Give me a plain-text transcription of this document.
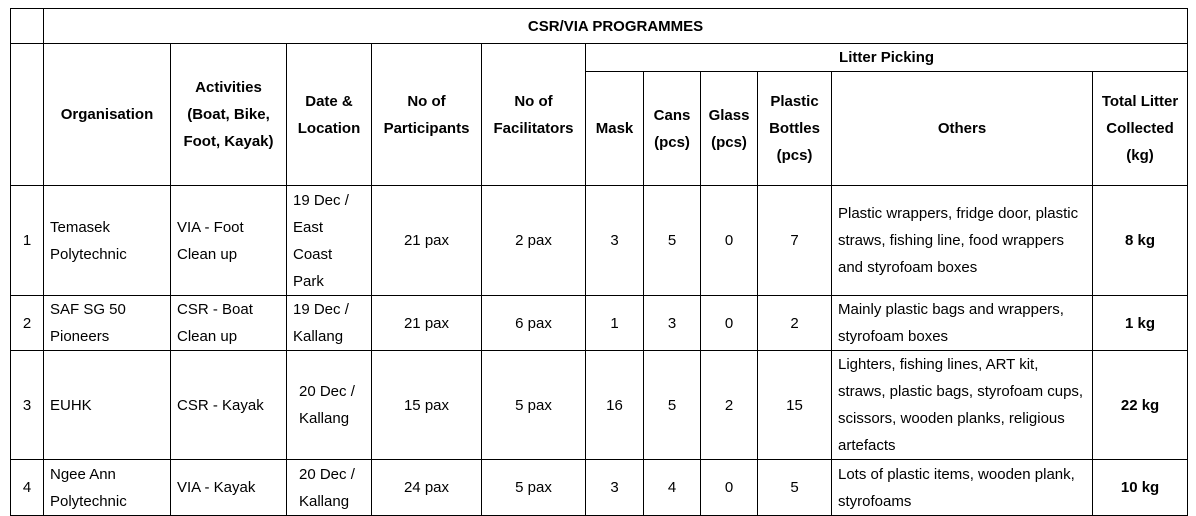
	CSR/VIA PROGRAMMES										
	Organisation	Activities (Boat, Bike, Foot, Kayak)	Date & Location	No of Participants	No of Facilitators	Litter Picking					
						Mask	Cans (pcs)	Glass (pcs)	Plastic Bottles (pcs)	Others	Total Litter Collected (kg)
1	Temasek Polytechnic	VIA - Foot Clean up	19 Dec / East Coast Park	21 pax	2 pax	3	5	0	7	Plastic wrappers, fridge door, plastic straws, fishing line, food wrappers and styrofoam boxes	8 kg
2	SAF SG 50 Pioneers	CSR - Boat Clean up	19 Dec / Kallang	21 pax	6 pax	1	3	0	2	Mainly plastic bags and wrappers, styrofoam boxes	1 kg
3	EUHK	CSR - Kayak	20 Dec / Kallang	15 pax	5 pax	16	5	2	15	Lighters, fishing lines, ART kit, straws, plastic bags, styrofoam cups, scissors, wooden planks, religious artefacts	22 kg
4	Ngee Ann Polytechnic	VIA - Kayak	20 Dec / Kallang	24 pax	5 pax	3	4	0	5	Lots of plastic items, wooden plank, styrofoams	10 kg
